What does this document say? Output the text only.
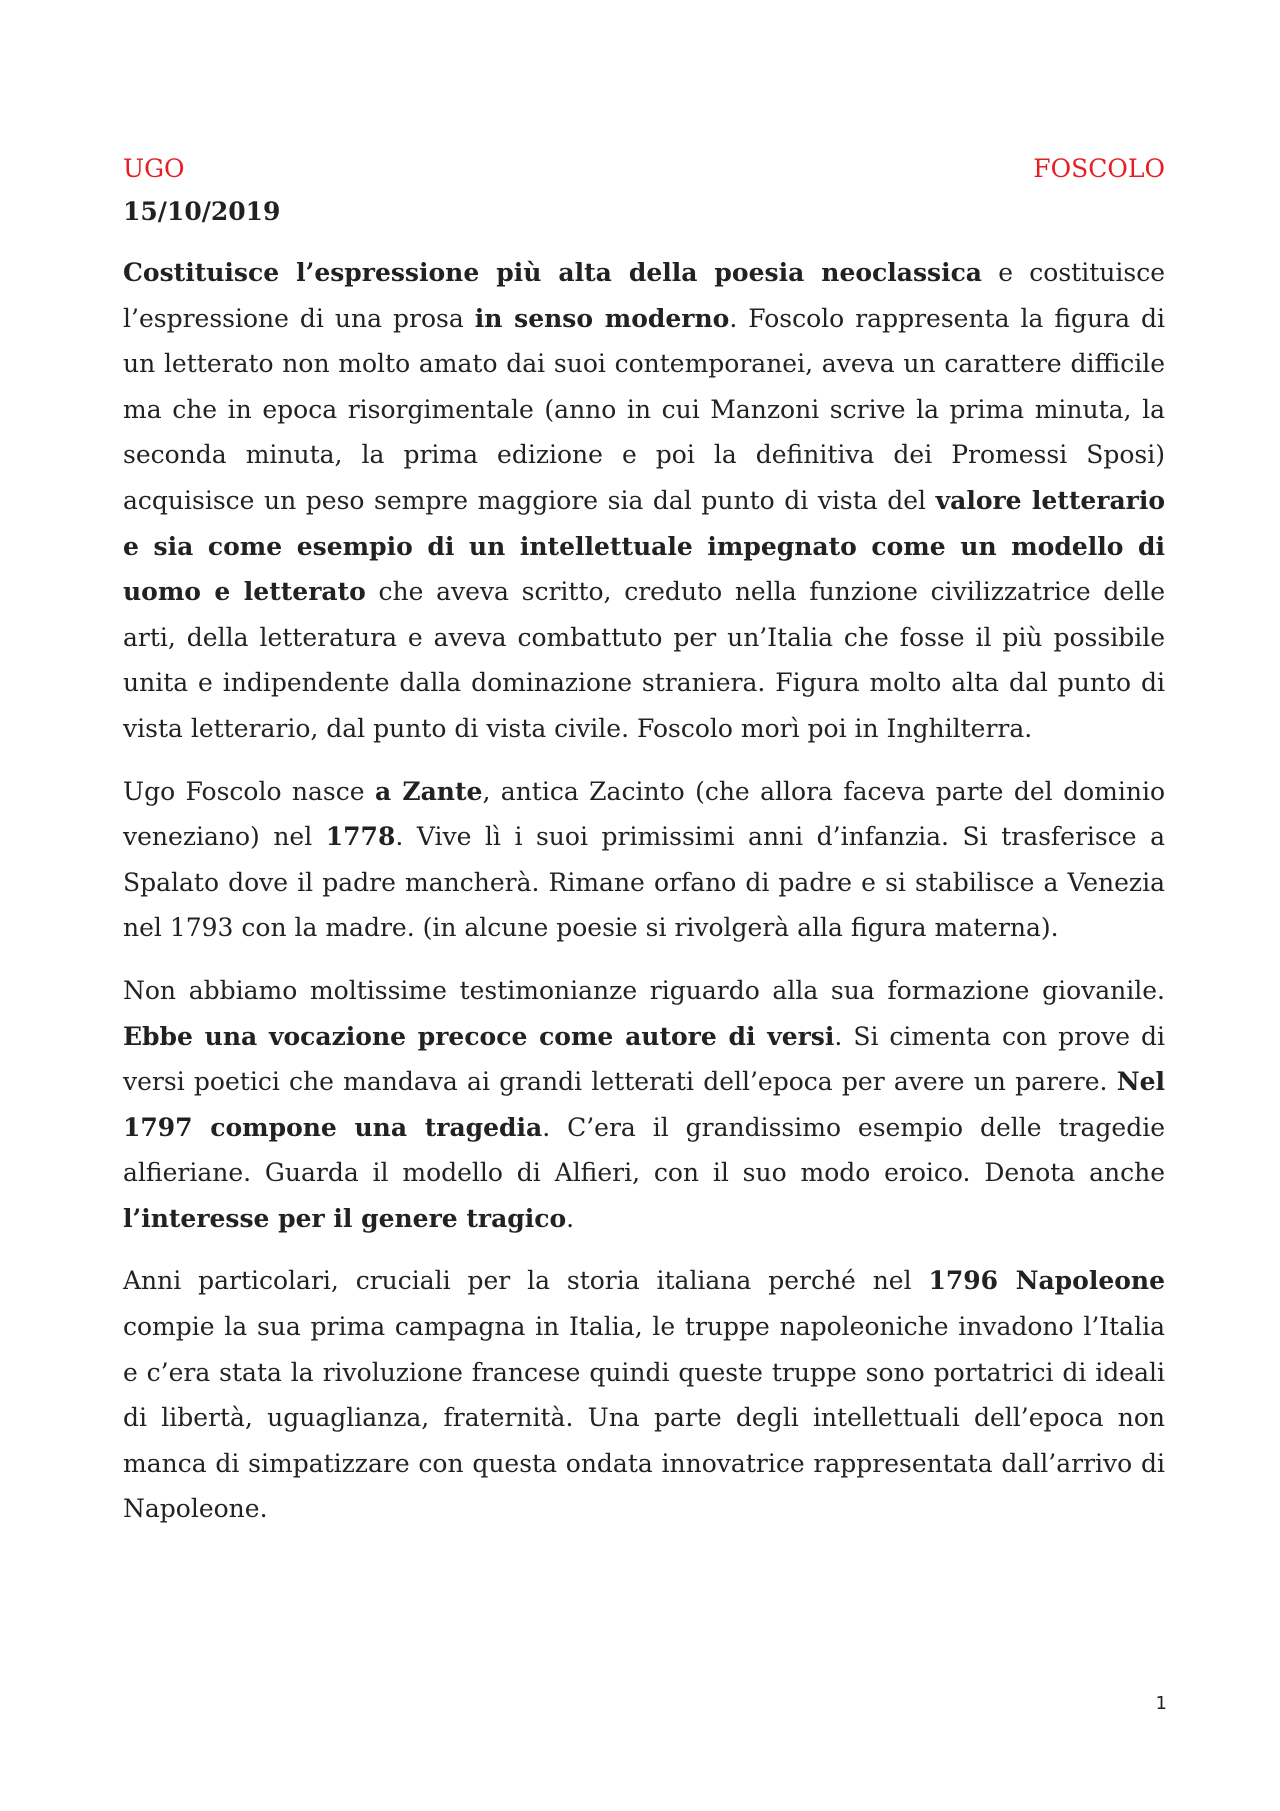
UGO	FOSCOLO
15/10/2019

Costituisce l’espressione più alta della poesia neoclassica e costituisce l’espressione di una prosa in senso moderno. Foscolo rappresenta la figura di un letterato non molto amato dai suoi contemporanei, aveva un carattere difficile ma che in epoca risorgimentale (anno in cui Manzoni scrive la prima minuta, la seconda minuta, la prima edizione e poi la definitiva dei Promessi Sposi) acquisisce un peso sempre maggiore sia dal punto di vista del valore letterario e sia come esempio di un intellettuale impegnato come un modello di uomo e letterato che aveva scritto, creduto nella funzione civilizzatrice delle arti, della letteratura e aveva combattuto per un’Italia che fosse il più possibile unita e indipendente dalla dominazione straniera. Figura molto alta dal punto di vista letterario, dal punto di vista civile. Foscolo morì poi in Inghilterra.

Ugo Foscolo nasce a Zante, antica Zacinto (che allora faceva parte del dominio veneziano) nel 1778. Vive lì i suoi primissimi anni d’infanzia. Si trasferisce a Spalato dove il padre mancherà. Rimane orfano di padre e si stabilisce a Venezia nel 1793 con la madre. (in alcune poesie si rivolgerà alla figura materna).

Non abbiamo moltissime testimonianze riguardo alla sua formazione giovanile. Ebbe una vocazione precoce come autore di versi. Si cimenta con prove di versi poetici che mandava ai grandi letterati dell’epoca per avere un parere. Nel 1797 compone una tragedia. C’era il grandissimo esempio delle tragedie alfieriane. Guarda il modello di Alfieri, con il suo modo eroico. Denota anche l’interesse per il genere tragico.

Anni particolari, cruciali per la storia italiana perché nel 1796 Napoleone compie la sua prima campagna in Italia, le truppe napoleoniche invadono l’Italia e c’era stata la rivoluzione francese quindi queste truppe sono portatrici di ideali di libertà, uguaglianza, fraternità. Una parte degli intellettuali dell’epoca non manca di simpatizzare con questa ondata innovatrice rappresentata dall’arrivo di Napoleone.

1
